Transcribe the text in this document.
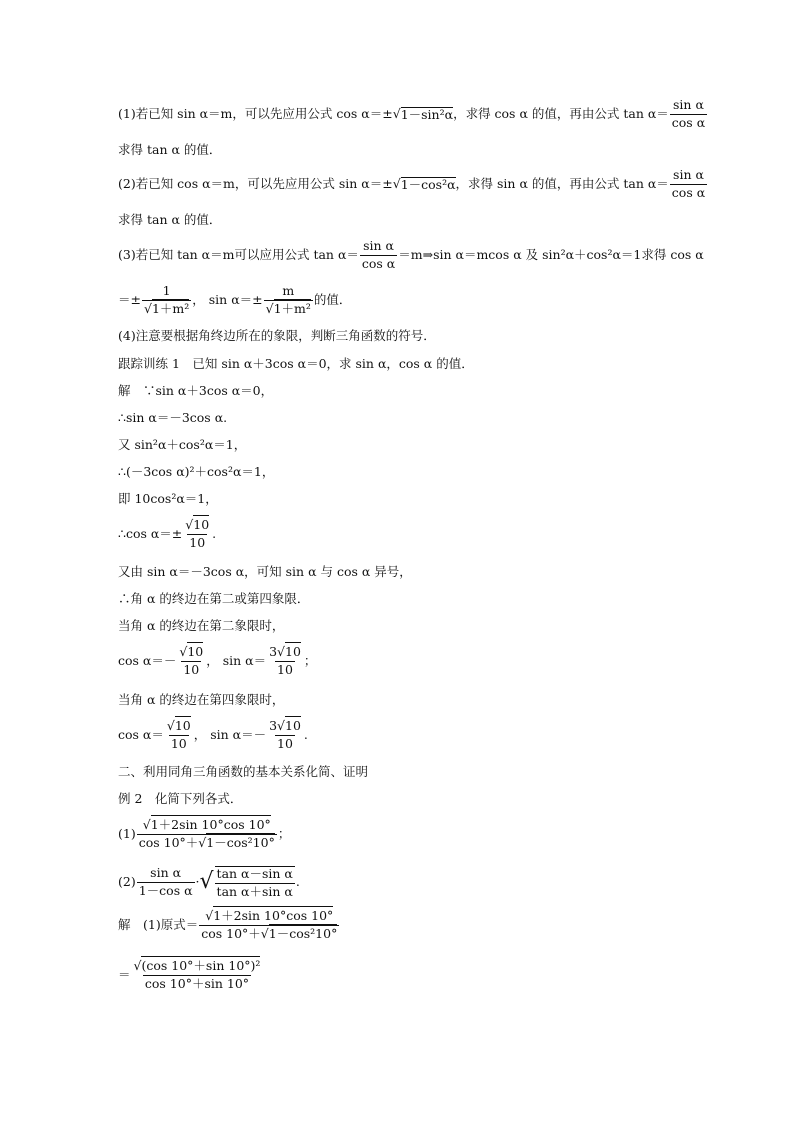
(1)若已知 sin α＝m，可以先应用公式 cos α＝± √ 1－sin²α ，求得 cos α 的值，再由公式 $\tan \alpha= \frac{\text{sin α}}{\text{cos α}}$
求得 tan α 的值．
(2)若已知 cos α＝m，可以先应用公式 sin α＝± √ 1－cos²α ，求得 sin α 的值，再由公式 $\tan \alpha= \frac{\text{sin α}}{\text{cos α}}$
求得 tan α 的值．
(3)若已知 tan α＝m可以应用公式 $\tan \alpha= \frac{\text{sin α}}{\text{cos α}}$ ＝m⇒sin α＝mcos α 及 sin²α＋cos²α＝1求得 cos α
＝± $\frac{1}{\text{√1＋m²}}$ ， $\sin \alpha=\pm \frac{m}{\text{√1＋m²}}$ 的值．
(4)注意要根据角终边所在的象限，判断三角函数的符号．
跟踪训练 1　已知 sin α＋3cos α＝0，求 sin α，cos α 的值．
解　∵sin α＋3cos α＝0，
∴sin α＝－3cos α.
又 sin²α＋cos²α＝1，
∴(－3cos α)²＋cos²α＝1，
即 10cos²α＝1，
∴cos $\alpha=\pm \frac{√10}{10}$ .
又由 sin α＝－3cos α，可知 sin α 与 cos α 异号，
∴角 α 的终边在第二或第四象限．
当角 α 的终边在第二象限时，
$\cos \alpha=- \frac{√10}{10}$ ， $\sin \alpha= \frac{3√10}{10}$ ；
当角 α 的终边在第四象限时，
$\cos \alpha= \frac{√10}{10}$ ， $\sin \alpha=- \frac{3√10}{10}$ .
二、利用同角三角函数的基本关系化简、证明
例 2　化简下列各式．
$(1) \frac{√1+2\sin 10^\circ\cos 10^\circ}{\text{cos 10°＋√1－cos²10°}}$ ；
$(2) \frac{\text{sin α}}{\text{1－cos α}}$ · √ $\frac{\text{tan α－sin α}}{\text{tan α＋sin α}}$ .
解　(1)原式＝ $\frac{√1+2\sin 10^\circ\cos 10^\circ}{\text{cos 10°＋√1－cos²10°}}$
＝ $\frac{\text{√(cos 10°＋sin 10°)²}}{\cos 10^\circ+\sin 10^\circ}$
